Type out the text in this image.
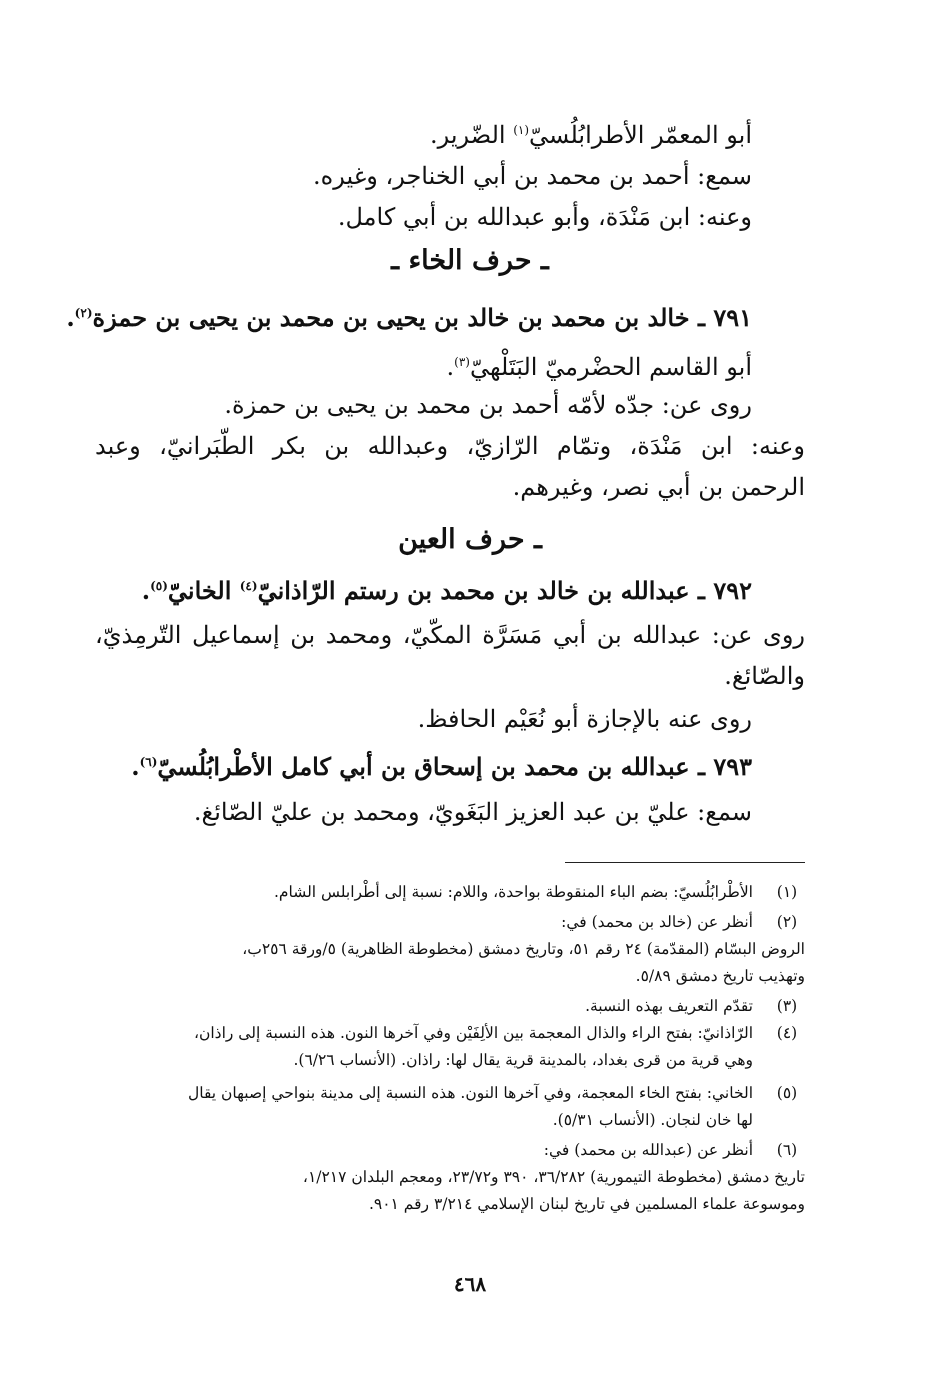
أبو المعمّر الأطرابُلُسيّ$^{(١)}$ الضّرير.
سمع: أحمد بن محمد بن أبي الخناجر، وغيره.
وعنه: ابن مَنْدَة، وأبو عبدالله بن أبي كامل.
ـ حرف الخاء ـ
٧٩١ ـ خالد بن محمد بن خالد بن يحيى بن محمد بن يحيى بن حمزة$^{(٢)}$.
أبو القاسم الحضْرميّ البَتَلْهيّ$^{(٣)}$.
روى عن: جدّه لأمّه أحمد بن محمد بن يحيى بن حمزة.
وعنه: ابن مَنْدَة، وتمّام الرّازيّ، وعبدالله بن بكر الطّبَرانيّ، وعبد
الرحمن بن أبي نصر، وغيرهم.
ـ حرف العين
٧٩٢ ـ عبدالله بن خالد بن محمد بن رستم الرّاذانيّ$^{(٤)}$ الخانيّ$^{(٥)}$.
روى عن: عبدالله بن أبي مَسَرَّة المكّيّ، ومحمد بن إسماعيل التّرمِذيّ،
والصّائغ.
روى عنه بالإجازة أبو نُعَيْم الحافظ.
٧٩٣ ـ عبدالله بن محمد بن إسحاق بن أبي كامل الأطْرابُلُسيّ$^{(٦)}$.
سمع: عليّ بن عبد العزيز البَغَويّ، ومحمد بن عليّ الصّائغ.
(١)
الأطْرابُلُسيّ: بضم الباء المنقوطة بواحدة، واللام: نسبة إلى أطْرابلس الشام.
(٢)
أنظر عن (خالد بن محمد) في:
الروض البسّام (المقدّمة) ٢٤ رقم ٥١، وتاريخ دمشق (مخطوطة الظاهرية) ٥/ورقة ٢٥٦ب،
وتهذيب تاريخ دمشق ٥/٨٩.
(٣)
تقدّم التعريف بهذه النسبة.
(٤)
الرّاذانيّ: بفتح الراء والذال المعجمة بين الألِفَيْن وفي آخرها النون. هذه النسبة إلى راذان،
وهي قرية من قرى بغداد، بالمدينة قرية يقال لها: راذان. (الأنساب ٦/٢٦).
(٥)
الخاني: بفتح الخاء المعجمة، وفي آخرها النون. هذه النسبة إلى مدينة بنواحي إصبهان يقال
لها خان لنجان. (الأنساب ٥/٣١).
(٦)
أنظر عن (عبدالله بن محمد) في:
تاريخ دمشق (مخطوطة التيمورية) ٣٦/٢٨٢، ٣٩٠ و٢٣/٧٢، ومعجم البلدان ١/٢١٧،
وموسوعة علماء المسلمين في تاريخ لبنان الإسلامي ٣/٢١٤ رقم ٩٠١.
٤٦٨
